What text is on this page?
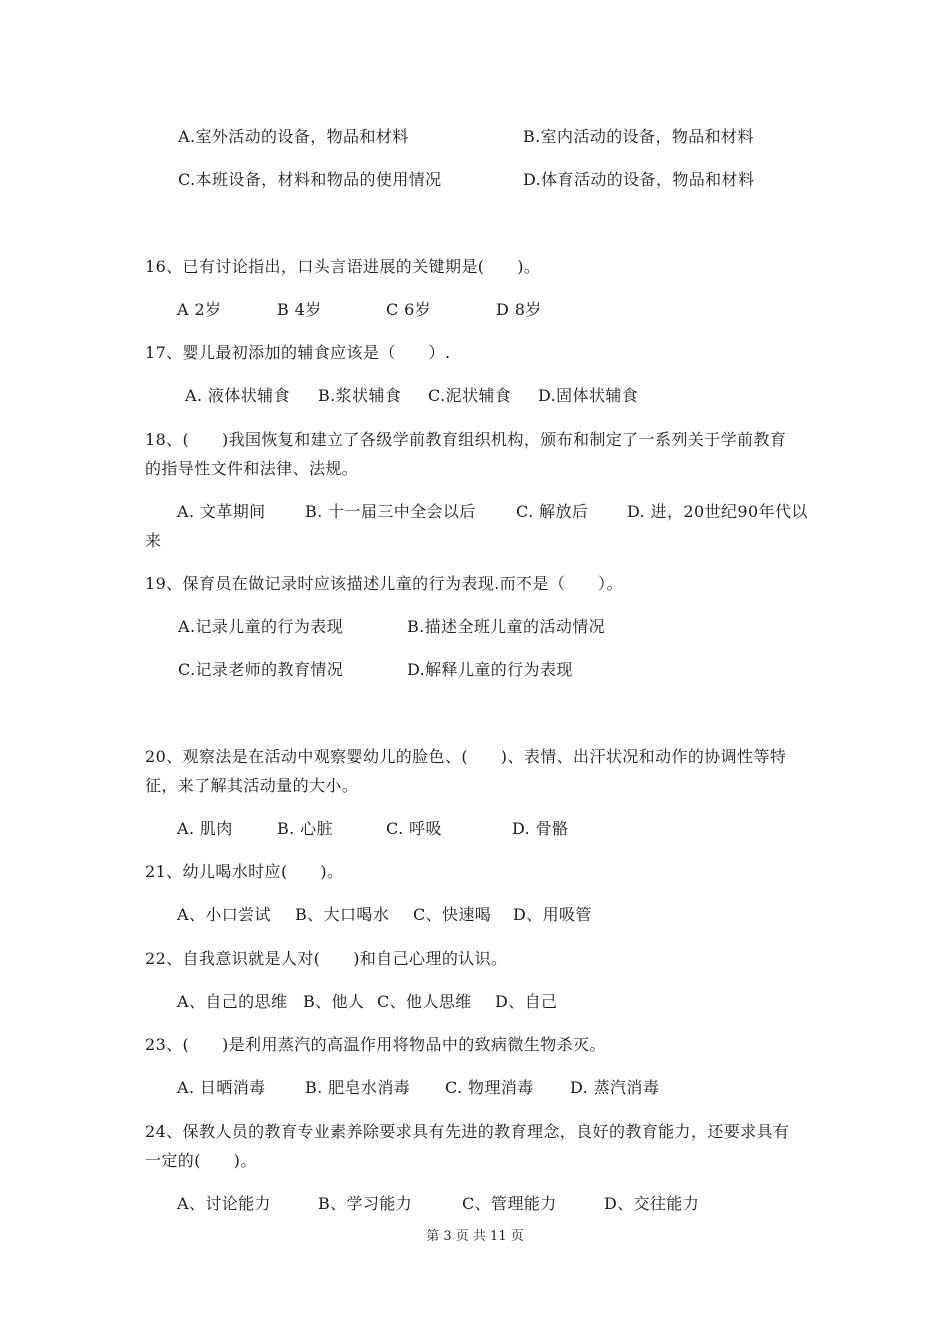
A.室外活动的设备，物品和材料	B.室内活动的设备，物品和材料
C.本班设备，材料和物品的使用情况	D.体育活动的设备，物品和材料
16、已有讨论指出，口头言语进展的关键期是(　　)。
A 2岁	B 4岁	C 6岁	D 8岁
17、婴儿最初添加的辅食应该是（　　）.
A. 液体状辅食 B.浆状辅食 C.泥状辅食 D.固体状辅食
18、(　　)我国恢复和建立了各级学前教育组织机构，颁布和制定了一系列关于学前教育
的指导性文件和法律、法规。
A. 文革期间 B. 十一届三中全会以后	C. 解放后 D. 进，20世纪90年代以
来
19、保育员在做记录时应该描述儿童的行为表现.而不是（　　）。
A.记录儿童的行为表现	B.描述全班儿童的活动情况
C.记录老师的教育情况	D.解释儿童的行为表现
20、观察法是在活动中观察婴幼儿的脸色、(　　)、表情、出汗状况和动作的协调性等特
征，来了解其活动量的大小。
A. 肌肉	B. 心脏	C. 呼吸	D. 骨骼
21、幼儿喝水时应(　　)。
A、小口尝试 B、大口喝水 C、快速喝 D、用吸管
22、自我意识就是人对(　　)和自己心理的认识。
A、自己的思维 B、他人 C、他人思维 D、自己
23、(　　)是利用蒸汽的高温作用将物品中的致病微生物杀灭。
A. 日晒消毒 B. 肥皂水消毒 C. 物理消毒 D. 蒸汽消毒
24、保教人员的教育专业素养除要求具有先进的教育理念，良好的教育能力，还要求具有
一定的(　　)。
A、讨论能力	B、学习能力	C、管理能力	D、交往能力
第 3 页 共 11 页
